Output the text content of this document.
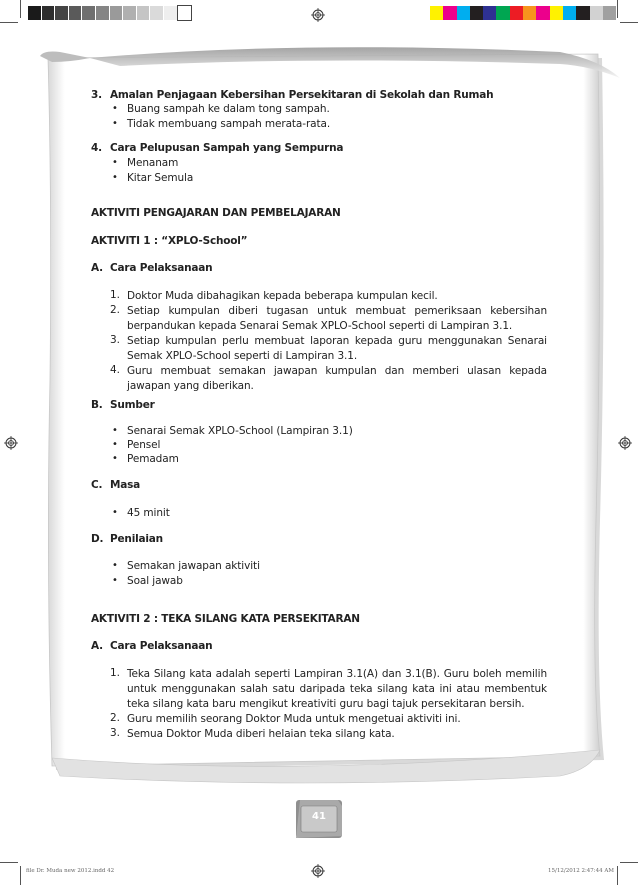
41
3. Amalan Penjagaan Kebersihan Persekitaran di Sekolah dan Rumah
• Buang sampah ke dalam tong sampah.
• Tidak membuang sampah merata-rata.
4. Cara Pelupusan Sampah yang Sempurna
• Menanam
• Kitar Semula
AKTIVITI PENGAJARAN DAN PEMBELAJARAN
AKTIVITI 1 : “XPLO-School”
A. Cara Pelaksanaan
1. Doktor Muda dibahagikan kepada beberapa kumpulan kecil.
2. Setiap kumpulan diberi tugasan untuk membuat pemeriksaan kebersihan berpandukan kepada Senarai Semak XPLO-School seperti di Lampiran 3.1.
3. Setiap kumpulan perlu membuat laporan kepada guru menggunakan Senarai Semak XPLO-School seperti di Lampiran 3.1.
4. Guru membuat semakan jawapan kumpulan dan memberi ulasan kepada jawapan yang diberikan.
B. Sumber
• Senarai Semak XPLO-School (Lampiran 3.1)
• Pensel
• Pemadam
C. Masa
• 45 minit
D. Penilaian
• Semakan jawapan aktiviti
• Soal jawab
AKTIVITI 2 : TEKA SILANG KATA PERSEKITARAN
A. Cara Pelaksanaan
1. Teka Silang kata adalah seperti Lampiran 3.1(A) dan 3.1(B). Guru boleh memilih untuk menggunakan salah satu daripada teka silang kata ini atau membentuk teka silang kata baru mengikut kreativiti guru bagi tajuk persekitaran bersih.
2. Guru memilih seorang Doktor Muda untuk mengetuai aktiviti ini.
3. Semua Doktor Muda diberi helaian teka silang kata.
file Dr. Muda new 2012.indd 42	15/12/2012 2:47:44 AM
